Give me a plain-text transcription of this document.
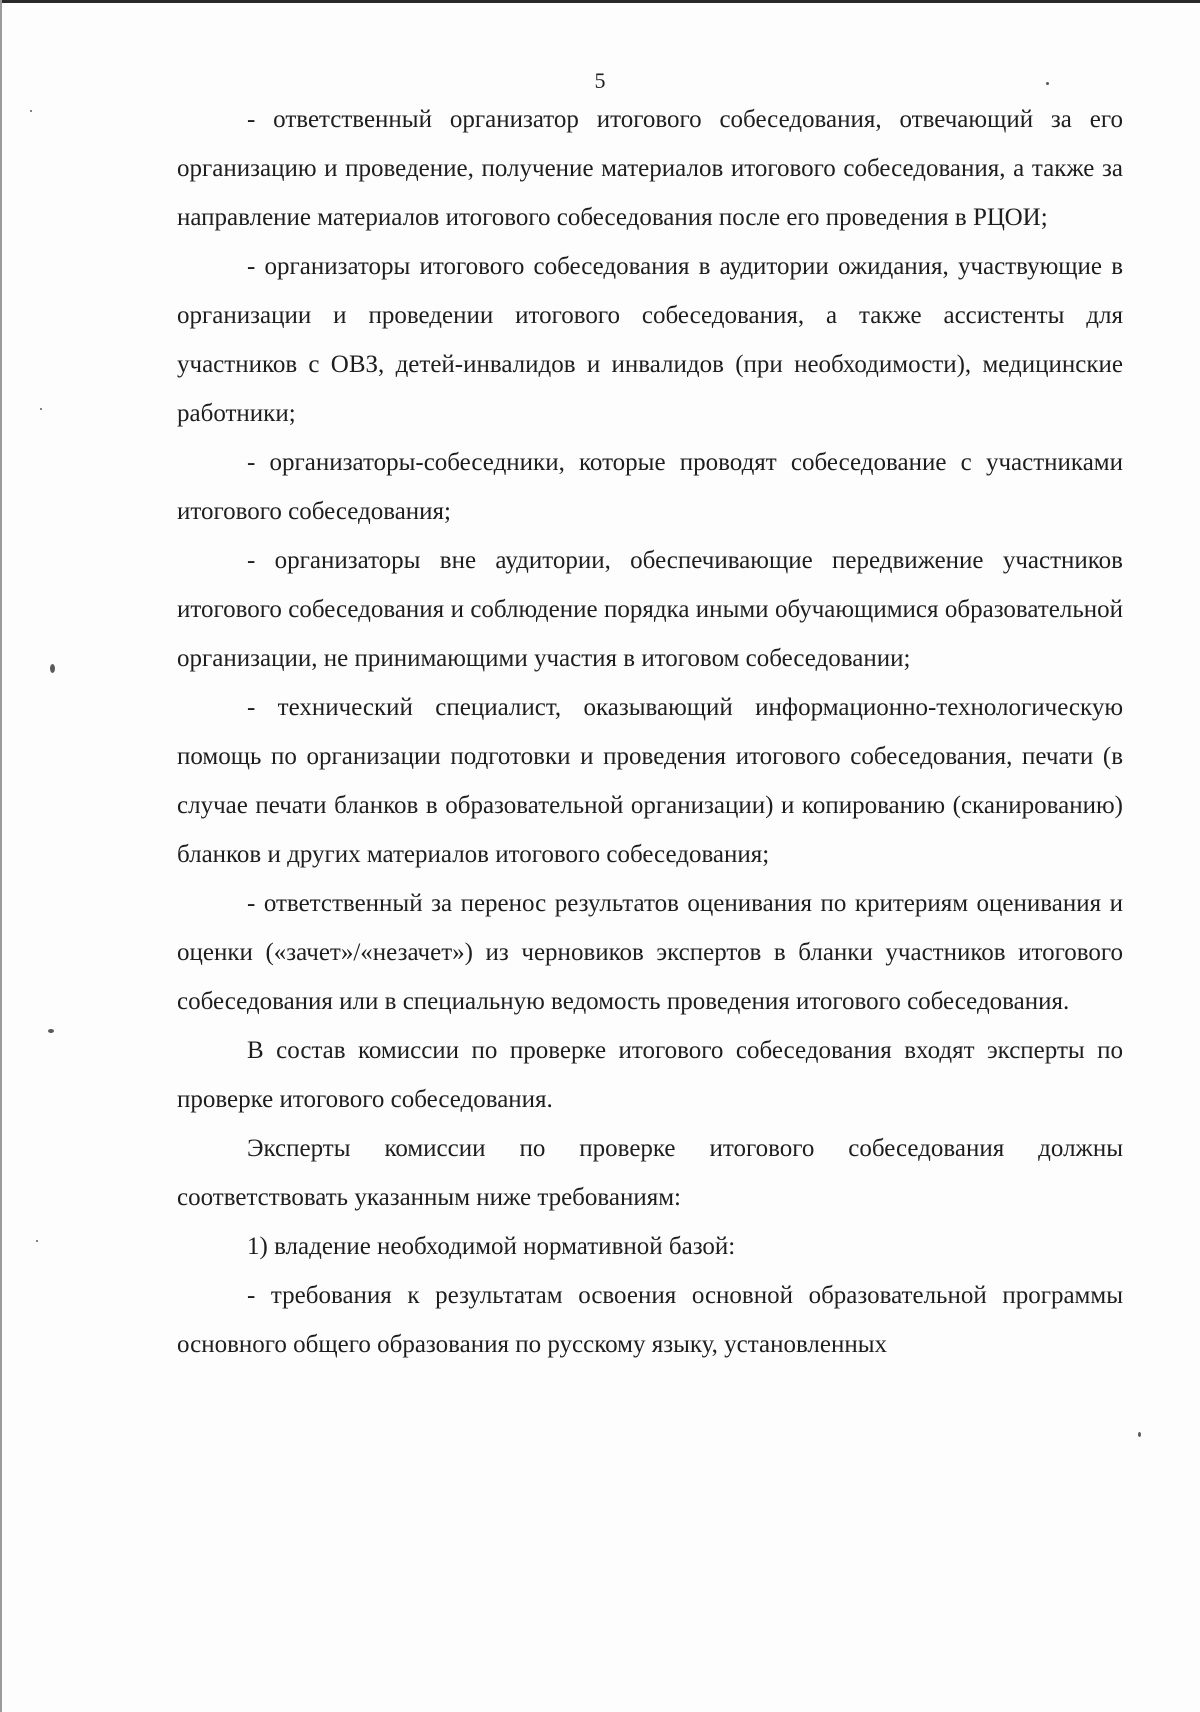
5

- ответственный организатор итогового собеседования, отвечающий за его организацию и проведение, получение материалов итогового собеседования, а также за направление материалов итогового собеседования после его проведения в РЦОИ;

- организаторы итогового собеседования в аудитории ожидания, участвующие в организации и проведении итогового собеседования, а также ассистенты для участников с ОВЗ, детей-инвалидов и инвалидов (при необходимости), медицинские работники;

- организаторы-собеседники, которые проводят собеседование с участниками итогового собеседования;

- организаторы вне аудитории, обеспечивающие передвижение участников итогового собеседования и соблюдение порядка иными обучающимися образовательной организации, не принимающими участия в итоговом собеседовании;

- технический специалист, оказывающий информационно-технологическую помощь по организации подготовки и проведения итогового собеседования, печати (в случае печати бланков в образовательной организации) и копированию (сканированию) бланков и других материалов итогового собеседования;

- ответственный за перенос результатов оценивания по критериям оценивания и оценки («зачет»/«незачет») из черновиков экспертов в бланки участников итогового собеседования или в специальную ведомость проведения итогового собеседования.

В состав комиссии по проверке итогового собеседования входят эксперты по проверке итогового собеседования.

Эксперты комиссии по проверке итогового собеседования должны соответствовать указанным ниже требованиям:

1) владение необходимой нормативной базой:

- требования к результатам освоения основной образовательной программы основного общего образования по русскому языку, установленных
